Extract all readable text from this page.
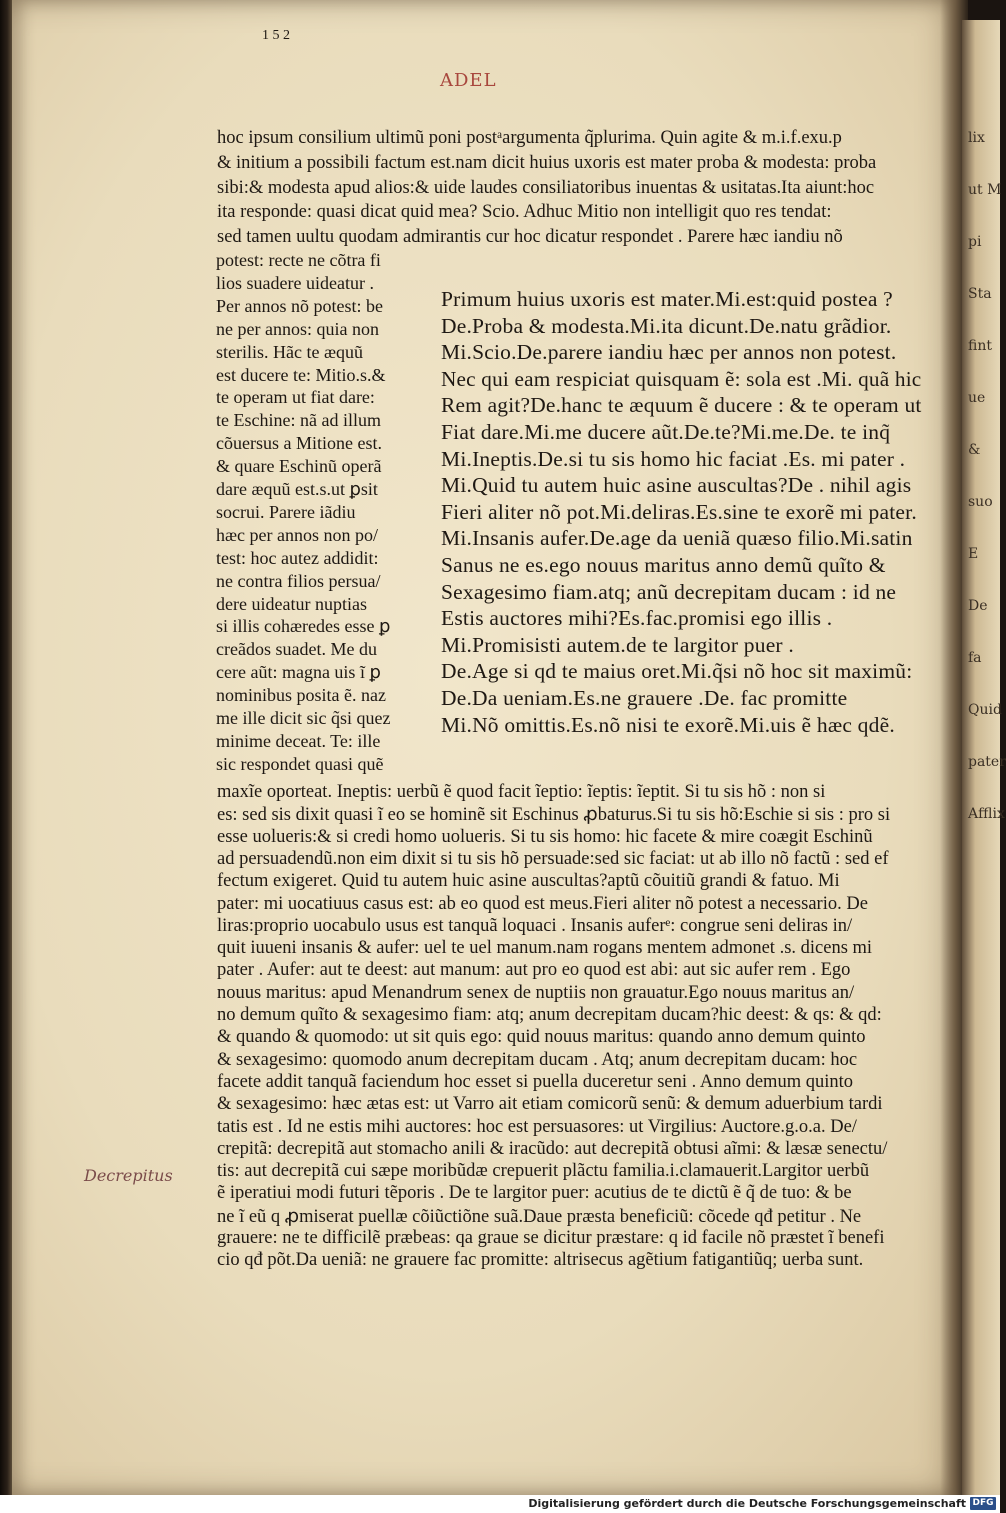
lix
ut M
pi
Sta
fint
ue
&
suo
E
De
fa
Quid
pater
Afflix
1 5 2
ADEL
hoc ipsum consilium ultimũ poni postᵃargumenta q̃plurima. Quin agite & m.i.f.exu.p
& initium a possibili factum est.nam dicit huius uxoris est mater proba & modesta: proba
sibi:& modesta apud alios:& uide laudes consiliatoribus inuentas & usitatas.Ita aiunt:hoc
ita responde: quasi dicat quid mea? Scio. Adhuc Mitio non intelligit quo res tendat:
sed tamen uultu quodam admirantis cur hoc dicatur respondet . Parere hæc iandiu nõ
potest: recte ne cõtra fi
lios suadere uideatur .
Per annos nõ potest: be
ne per annos: quia non
sterilis. Hãc te æquũ
est ducere te: Mitio.s.&
te operam ut fiat dare:
te Eschine: nã ad illum
cõuersus a Mitione est.
& quare Eschinũ operã
dare æquũ est.s.ut ꝑsit
socrui. Parere iãdiu
hæc per annos non po/
test: hoc autez addidit:
ne contra filios persua/
dere uideatur nuptias
si illis cohæredes esse ꝑ
creãdos suadet. Me du
cere aũt: magna uis ĩ ꝑ
nominibus posita ẽ. naz
me ille dicit sic q̃si quez
minime deceat. Te: ille
sic respondet quasi quẽ
Primum huius uxoris est mater.Mi.est:quid postea ?
De.Proba & modesta.Mi.ita dicunt.De.natu grãdior.
Mi.Scio.De.parere iandiu hæc per annos non potest.
Nec qui eam respiciat quisquam ẽ: sola est .Mi. quã hic
Rem agit?De.hanc te æquum ẽ ducere : & te operam ut
Fiat dare.Mi.me ducere aũt.De.te?Mi.me.De. te inq̃
Mi.Ineptis.De.si tu sis homo hic faciat .Es. mi pater .
Mi.Quid tu autem huic asine auscultas?De . nihil agis
Fieri aliter nõ pot.Mi.deliras.Es.sine te exorẽ mi pater.
Mi.Insanis aufer.De.age da ueniã quæso filio.Mi.satin
Sanus ne es.ego nouus maritus anno demũ quĩto &
Sexagesimo fiam.atq; anũ decrepitam ducam : id ne
Estis auctores mihi?Es.fac.promisi ego illis .
Mi.Promisisti autem.de te largitor puer .
De.Age si qd te maius oret.Mi.q̃si nõ hoc sit maximũ:
De.Da ueniam.Es.ne grauere .De. fac promitte
Mi.Nõ omittis.Es.nõ nisi te exorẽ.Mi.uis ẽ hæc qdẽ.
maxĩe oporteat. Ineptis: uerbũ ẽ quod facit ĩeptio: ĩeptis: ĩeptit. Si tu sis hõ : non si
es: sed sis dixit quasi ĩ eo se hominẽ sit Eschinus ꝓbaturus.Si tu sis hõ:Eschie si sis : pro si
esse uolueris:& si credi homo uolueris. Si tu sis homo: hic facete & mire coægit Eschinũ
ad persuadendũ.non eim dixit si tu sis hõ persuade:sed sic faciat: ut ab illo nõ factũ : sed ef
fectum exigeret. Quid tu autem huic asine auscultas?aptũ cõuitiũ grandi & fatuo. Mi
pater: mi uocatiuus casus est: ab eo quod est meus.Fieri aliter nõ potest a necessario. De
liras:proprio uocabulo usus est tanquã loquaci . Insanis auferᵉ: congrue seni deliras in/
quit iuueni insanis & aufer: uel te uel manum.nam rogans mentem admonet .s. dicens mi
pater . Aufer: aut te deest: aut manum: aut pro eo quod est abi: aut sic aufer rem . Ego
nouus maritus: apud Menandrum senex de nuptiis non grauatur.Ego nouus maritus an/
no demum quĩto & sexagesimo fiam: atq; anum decrepitam ducam?hic deest: & qs: & qd:
& quando & quomodo: ut sit quis ego: quid nouus maritus: quando anno demum quinto
& sexagesimo: quomodo anum decrepitam ducam . Atq; anum decrepitam ducam: hoc
facete addit tanquã faciendum hoc esset si puella duceretur seni . Anno demum quinto
& sexagesimo: hæc ætas est: ut Varro ait etiam comicorũ senũ: & demum aduerbium tardi
tatis est . Id ne estis mihi auctores: hoc est persuasores: ut Virgilius: Auctore.g.o.a. De/
crepitã: decrepitã aut stomacho anili & iracũdo: aut decrepitã obtusi aĩmi: & læsæ senectu/
tis: aut decrepitã cui sæpe moribũdæ crepuerit plãctu familia.i.clamauerit.Largitor uerbũ
ẽ iperatiui modi futuri tẽporis . De te largitor puer: acutius de te dictũ ẽ q̃ de tuo: & be
ne ĩ eũ q ꝓmiserat puellæ cõiũctiõne suã.Daue præsta beneficiũ: cõcede qđ petitur . Ne
grauere: ne te difficilẽ præbeas: qa graue se dicitur præstare: q id facile nõ præstet ĩ benefi
cio qđ põt.Da ueniã: ne grauere fac promitte: altrisecus agẽtium fatigantiũq; uerba sunt.
Decrepitus
Digitalisierung gefördert durch die Deutsche Forschungsgemeinschaft DFG
